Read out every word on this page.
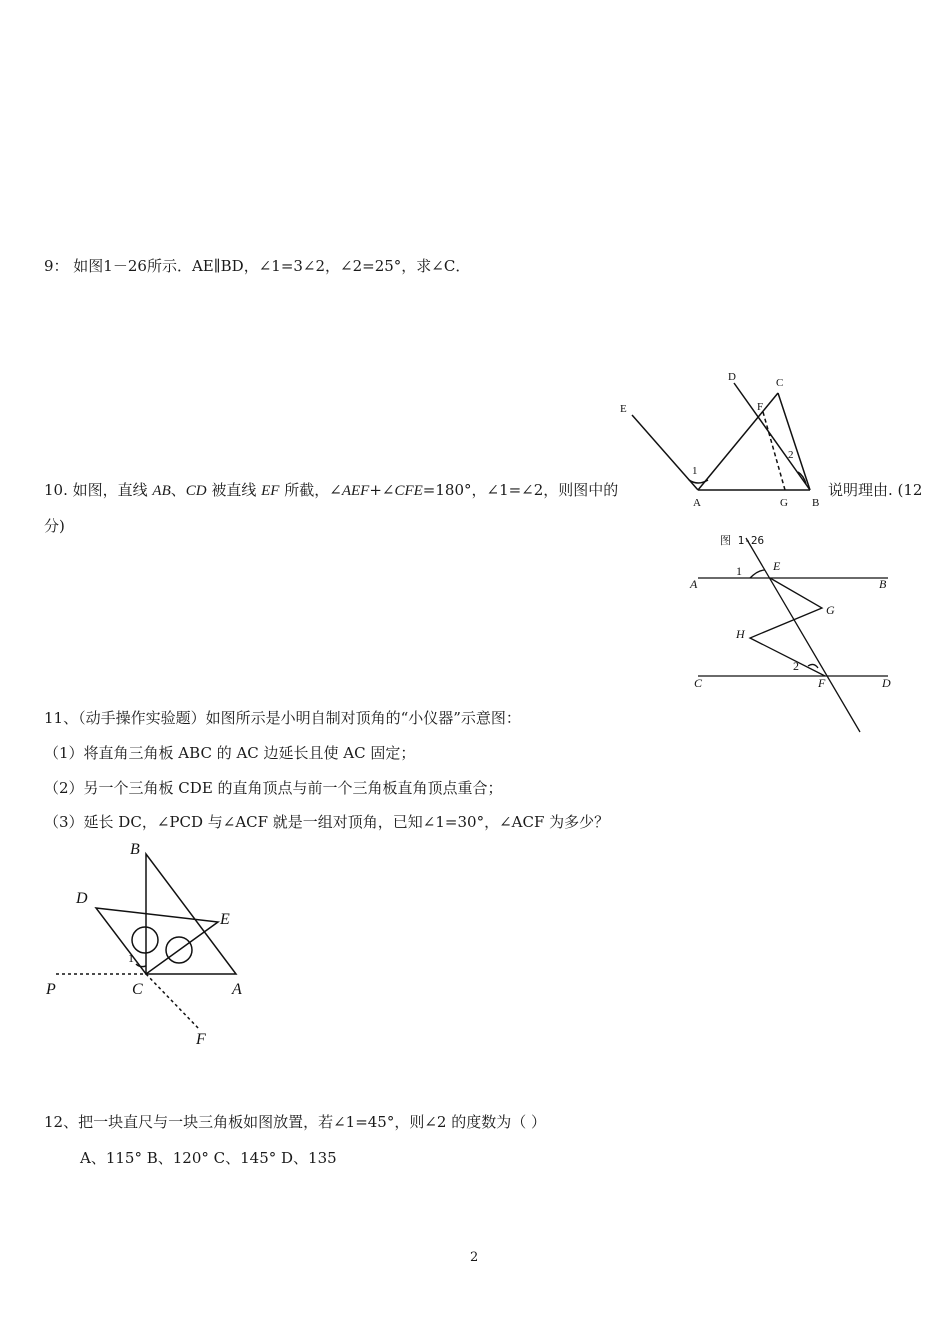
9： 如图1－26所示．AE∥BD，∠1=3∠2，∠2=25°，求∠C．
D	C
E	F
A	G B
1
2
图 1-26
10. 如图，直线 AB、CD 被直线 EF 所截，∠AEF+∠CFE=180°，∠1=∠2，则图中的	说明理由. (12
分)
A	B
C	D
E
F
G
H
1
2
11、（动手操作实验题）如图所示是小明自制对顶角的“小仪器”示意图：
（1）将直角三角板 ABC 的 AC 边延长且使 AC 固定；
（2）另一个三角板 CDE 的直角顶点与前一个三角板直角顶点重合；
（3）延长 DC，∠PCD 与∠ACF 就是一组对顶角，已知∠1=30°，∠ACF 为多少？
B
D
E
P	C	A
F
1
12、把一块直尺与一块三角板如图放置，若∠1=45°，则∠2 的度数为（ ）
A、115° B、120° C、145° D、135
2
